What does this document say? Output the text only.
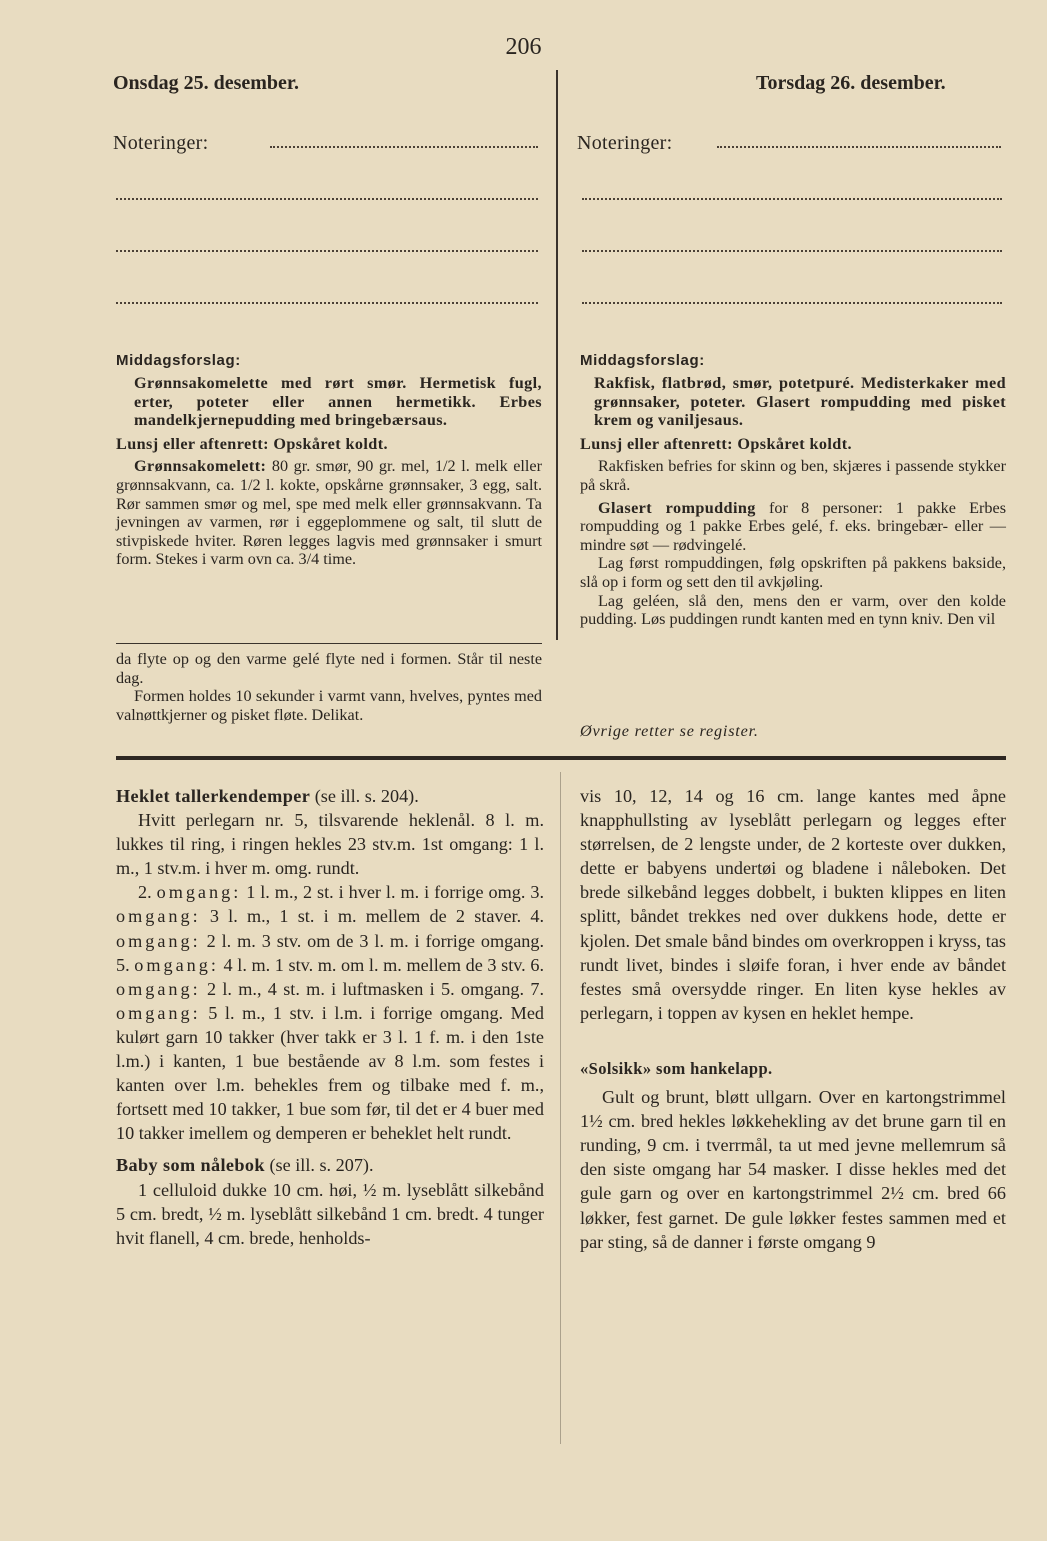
206
Onsdag 25. desember.	Torsdag 26. desember.
Noteringer:	Noteringer:
Middagsforslag:

Grønnsakomelette med rørt smør. Hermetisk fugl, erter, poteter eller annen hermetikk. Erbes mandelkjernepudding med bringebærsaus.

Lunsj eller aftenrett: Opskåret koldt.

Grønnsakomelett: 80 gr. smør, 90 gr. mel, 1/2 l. melk eller grønnsakvann, ca. 1/2 l. kokte, opskårne grønnsaker, 3 egg, salt. Rør sammen smør og mel, spe med melk eller grønnsakvann. Ta jevningen av varmen, rør i eggeplommene og salt, til slutt de stivpiskede hviter. Røren legges lagvis med grønnsaker i smurt form. Stekes i varm ovn ca. 3/4 time.

da flyte op og den varme gelé flyte ned i formen. Står til neste dag.

Formen holdes 10 sekunder i varmt vann, hvelves, pyntes med valnøttkjerner og pisket fløte. Delikat.

Middagsforslag:

Rakfisk, flatbrød, smør, potetpuré. Medisterkaker med grønnsaker, poteter. Glasert rompudding med pisket krem og vaniljesaus.

Lunsj eller aftenrett: Opskåret koldt.

Rakfisken befries for skinn og ben, skjæres i passende stykker på skrå.

Glasert rompudding for 8 personer: 1 pakke Erbes rompudding og 1 pakke Erbes gelé, f. eks. bringebær- eller — mindre søt — rødvingelé.

Lag først rompuddingen, følg opskriften på pakkens bakside, slå op i form og sett den til avkjøling.

Lag geléen, slå den, mens den er varm, over den kolde pudding. Løs puddingen rundt kanten med en tynn kniv. Den vil

Øvrige retter se register.

Heklet tallerkendemper (se ill. s. 204).

Hvitt perlegarn nr. 5, tilsvarende heklenål. 8 l. m. lukkes til ring, i ringen hekles 23 stv.m. 1st omgang: 1 l. m., 1 stv.m. i hver m. omg. rundt.

2. omgang: 1 l. m., 2 st. i hver l. m. i forrige omg. 3. omgang: 3 l. m., 1 st. i m. mellem de 2 staver. 4. omgang: 2 l. m. 3 stv. om de 3 l. m. i forrige omgang. 5. omgang: 4 l. m. 1 stv. m. om l. m. mellem de 3 stv. 6. omgang: 2 l. m., 4 st. m. i luftmasken i 5. omgang. 7. omgang: 5 l. m., 1 stv. i l.m. i forrige omgang. Med kulørt garn 10 takker (hver takk er 3 l. 1 f. m. i den 1ste l.m.) i kanten, 1 bue bestående av 8 l.m. som festes i kanten over l.m. behekles frem og tilbake med f. m., fortsett med 10 takker, 1 bue som før, til det er 4 buer med 10 takker imellem og demperen er beheklet helt rundt.

Baby som nålebok (se ill. s. 207).

1 celluloid dukke 10 cm. høi, ½ m. lyseblått silkebånd 5 cm. bredt, ½ m. lyseblått silkebånd 1 cm. bredt. 4 tunger hvit flanell, 4 cm. brede, henholds-

vis 10, 12, 14 og 16 cm. lange kantes med åpne knapphullsting av lyseblått perlegarn og legges efter størrelsen, de 2 lengste under, de 2 korteste over dukken, dette er babyens undertøi og bladene i nåleboken. Det brede silkebånd legges dobbelt, i bukten klippes en liten splitt, båndet trekkes ned over dukkens hode, dette er kjolen. Det smale bånd bindes om overkroppen i kryss, tas rundt livet, bindes i sløife foran, i hver ende av båndet festes små oversydde ringer. En liten kyse hekles av perlegarn, i toppen av kysen en heklet hempe.

«Solsikk» som hankelapp.

Gult og brunt, bløtt ullgarn. Over en kartongstrimmel 1½ cm. bred hekles løkkehekling av det brune garn til en runding, 9 cm. i tverrmål, ta ut med jevne mellemrum så den siste omgang har 54 masker. I disse hekles med det gule garn og over en kartongstrimmel 2½ cm. bred 66 løkker, fest garnet. De gule løkker festes sammen med et par sting, så de danner i første omgang 9
